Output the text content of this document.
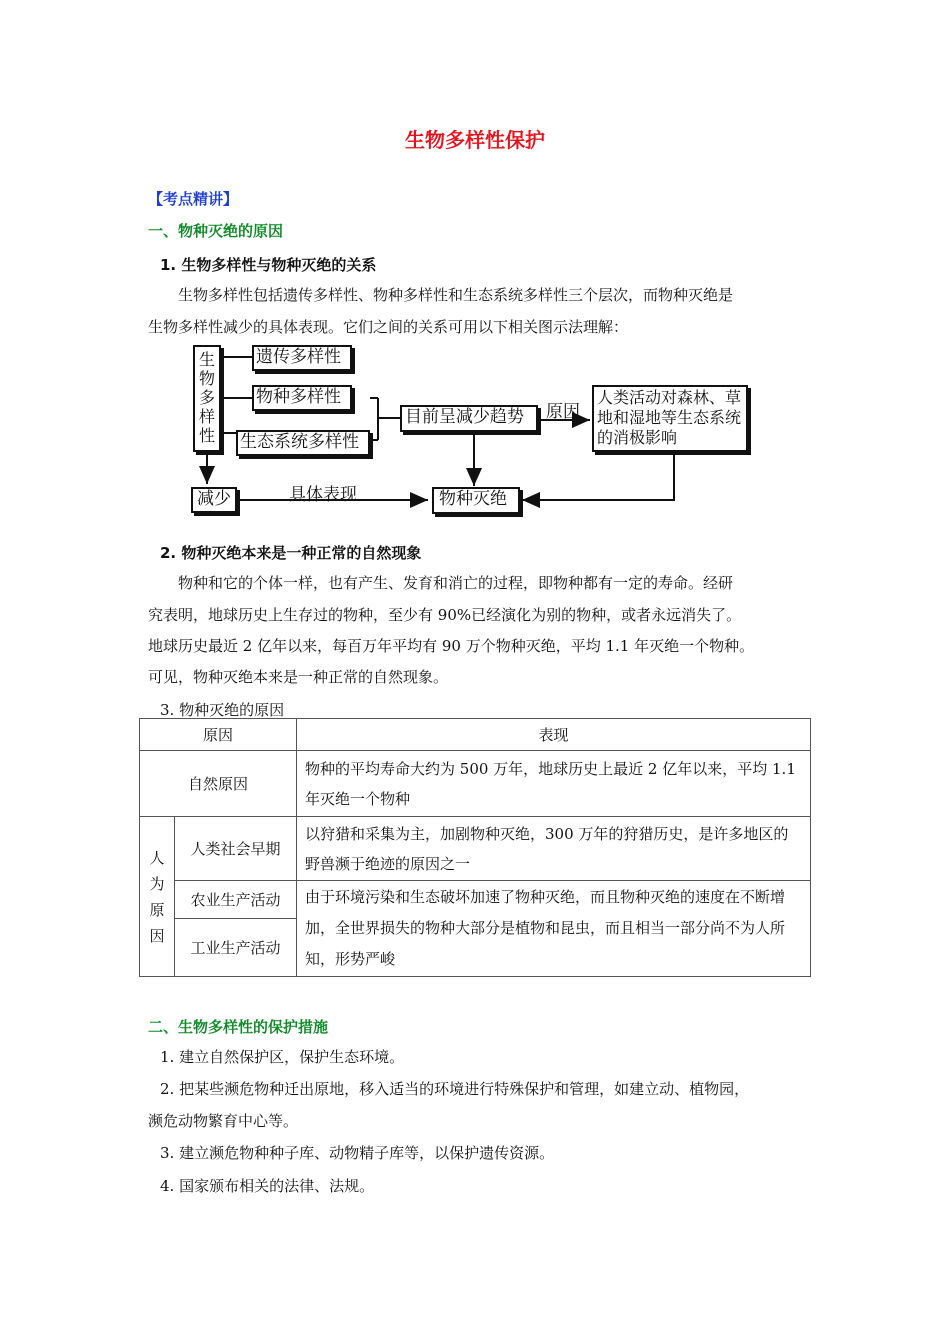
生物多样性保护
【考点精讲】
一、物种灭绝的原因
1. 生物多样性与物种灭绝的关系
生物多样性包括遗传多样性、物种多样性和生态系统多样性三个层次，而物种灭绝是
生物多样性减少的具体表现。它们之间的关系可用以下相关图示法理解：
生
物
多
样
性
遗传多样性
物种多样性
生态系统多样性
目前呈减少趋势	原因
人类活动对森林、草地和湿地等生态系统的消极影响
减少	具体表现	物种灭绝
2. 物种灭绝本来是一种正常的自然现象
物种和它的个体一样，也有产生、发育和消亡的过程，即物种都有一定的寿命。经研
究表明，地球历史上生存过的物种，至少有 90%已经演化为别的物种，或者永远消失了。
地球历史最近 2 亿年以来，每百万年平均有 90 万个物种灭绝，平均 1.1 年灭绝一个物种。
可见，物种灭绝本来是一种正常的自然现象。
3. 物种灭绝的原因
原因		表现
自然原因		物种的平均寿命大约为 500 万年，地球历史上最近 2 亿年以来，平均 1.1 年灭绝一个物种
人
为
原
因	人类社会早期	以狩猎和采集为主，加剧物种灭绝，300 万年的狩猎历史，是许多地区的野兽濒于绝迹的原因之一
	农业生产活动	由于环境污染和生态破坏加速了物种灭绝，而且物种灭绝的速度在不断增加，全世界损失的物种大部分是植物和昆虫，而且相当一部分尚不为人所知，形势严峻
	工业生产活动	
二、生物多样性的保护措施
1. 建立自然保护区，保护生态环境。
2. 把某些濒危物种迁出原地，移入适当的环境进行特殊保护和管理，如建立动、植物园，
濒危动物繁育中心等。
3. 建立濒危物种种子库、动物精子库等，以保护遗传资源。
4. 国家颁布相关的法律、法规。
